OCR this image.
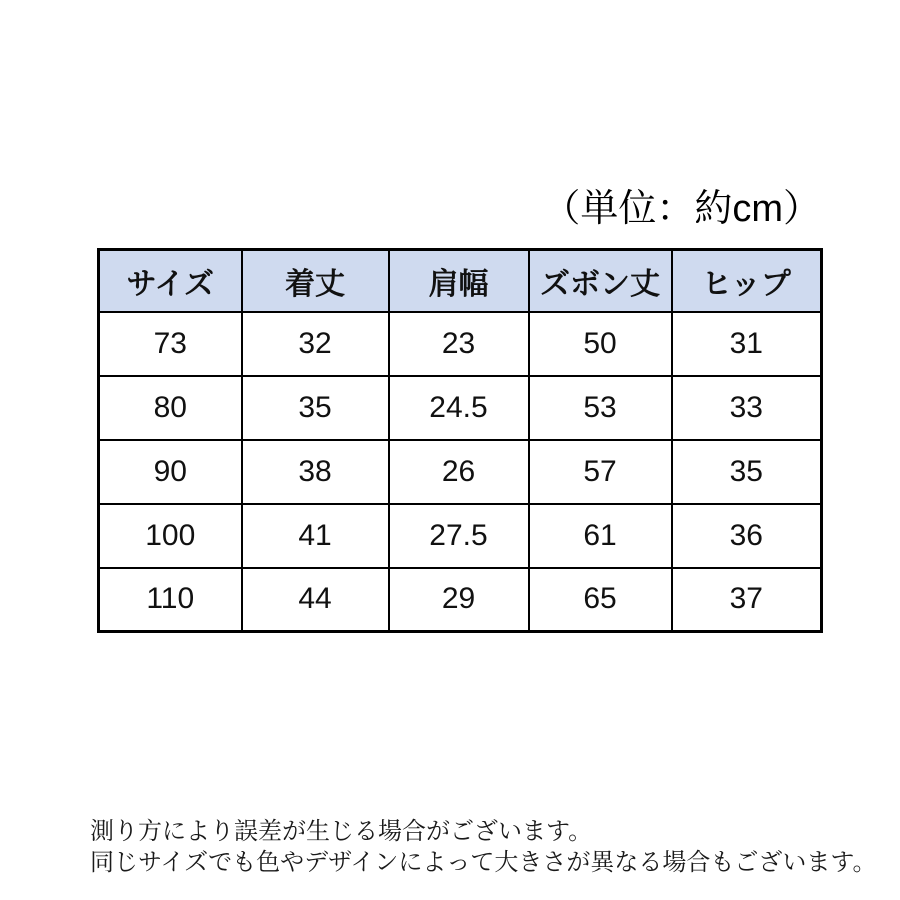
（単位：約cm）
サイズ	着丈	肩幅	ズボン丈	ヒップ
73	32	23	50	31
80	35	24.5	53	33
90	38	26	57	35
100	41	27.5	61	36
110	44	29	65	37
測り方により誤差が生じる場合がございます。
同じサイズでも色やデザインによって大きさが異なる場合もございます。
